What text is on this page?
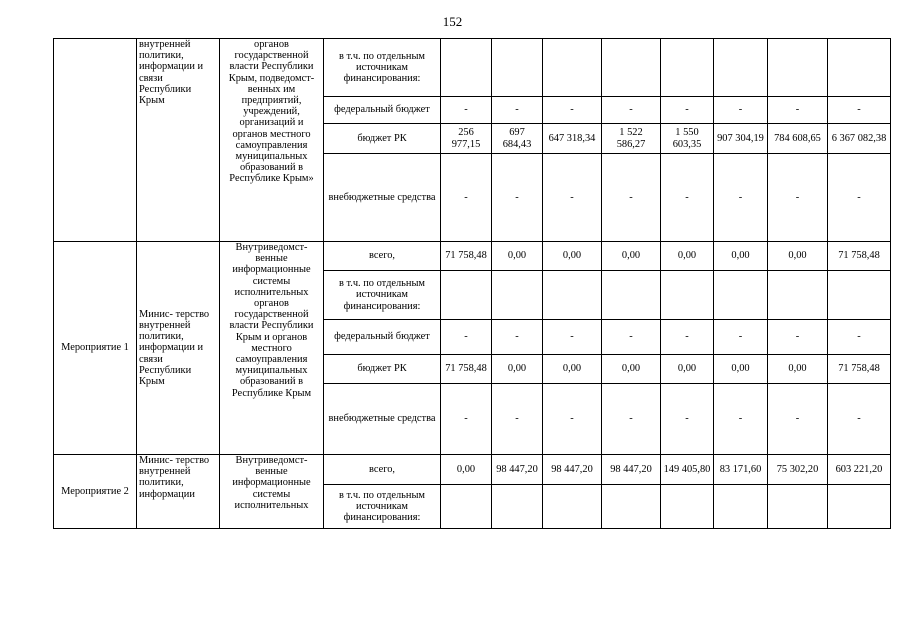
152
	внутренней политики, информации и связи Республики Крым	органов государственной власти Республики Крым, подведомст- венных им предприятий, учреждений, организаций и органов местного самоуправления муниципальных образований в Республике Крым»	в т.ч. по отдельным источникам финансирования:								
			федеральный бюджет	-	-	-	-	-	-	-	-
			бюджет РК	256 977,15	697 684,43	647 318,34	1 522 586,27	1 550 603,35	907 304,19	784 608,65	6 367 082,38
			внебюджетные средства	-	-	-	-	-	-	-	-
Мероприятие 1	Минис- терство внутренней политики, информации и связи Республики Крым	Внутриведомст- венные информационные системы исполнительных органов государственной власти Республики Крым и органов местного самоуправления муниципальных образований в Республике Крым	всего,	71 758,48	0,00	0,00	0,00	0,00	0,00	0,00	71 758,48
			в т.ч. по отдельным источникам финансирования:								
			федеральный бюджет	-	-	-	-	-	-	-	-
			бюджет РК	71 758,48	0,00	0,00	0,00	0,00	0,00	0,00	71 758,48
			внебюджетные средства	-	-	-	-	-	-	-	-
Мероприятие 2	Минис- терство внутренней политики, информации	Внутриведомст- венные информационные системы исполнительных	всего,	0,00	98 447,20	98 447,20	98 447,20	149 405,80	83 171,60	75 302,20	603 221,20
			в т.ч. по отдельным источникам финансирования:								
